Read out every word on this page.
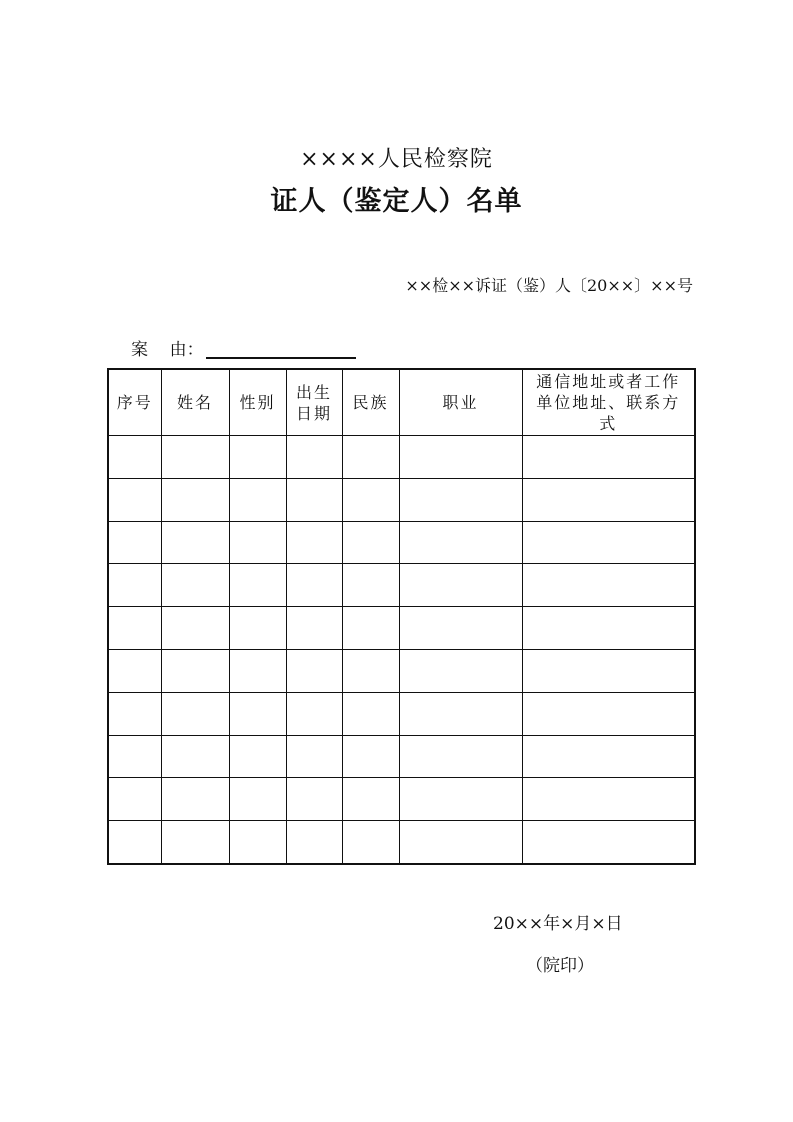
××××人民检察院
证人（鉴定人）名单
××检××诉证（鉴）人〔20××〕××号
案    由：
序号	姓名	性别	出生日期	民族	职业	通信地址或者工作单位地址、联系方式

20××年×月×日
（院印）
